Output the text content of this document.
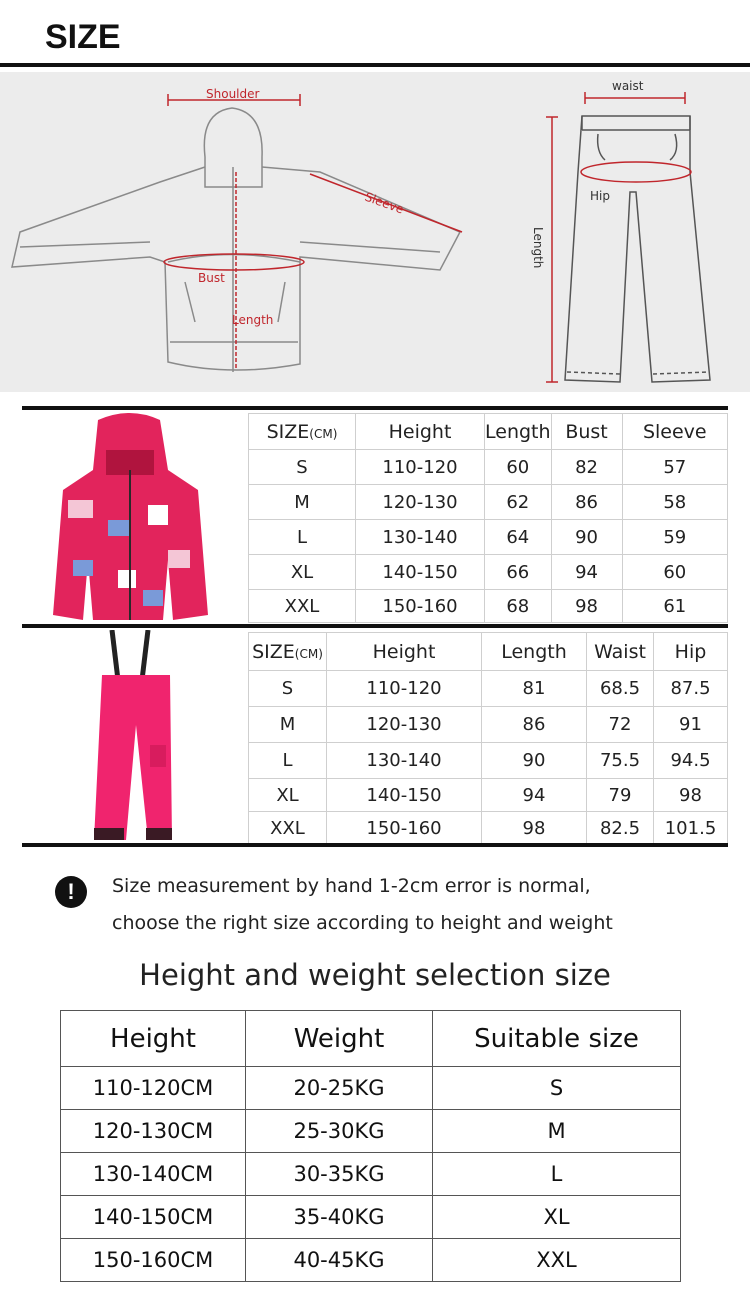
SIZE
Shoulder
Sleeve
Bust
Length
waist
Hip
Length
SIZE(CM)	Height	Length	Bust	Sleeve
S	110-120	60	82	57
M	120-130	62	86	58
L	130-140	64	90	59
XL	140-150	66	94	60
XXL	150-160	68	98	61
SIZE(CM)	Height	Length	Waist	Hip
S	110-120	81	68.5	87.5
M	120-130	86	72	91
L	130-140	90	75.5	94.5
XL	140-150	94	79	98
XXL	150-160	98	82.5	101.5
!	Size measurement by hand 1-2cm error is normal,
choose the right size according to height and weight
Height and weight selection size
Height	Weight	Suitable size
110-120CM	20-25KG	S
120-130CM	25-30KG	M
130-140CM	30-35KG	L
140-150CM	35-40KG	XL
150-160CM	40-45KG	XXL
